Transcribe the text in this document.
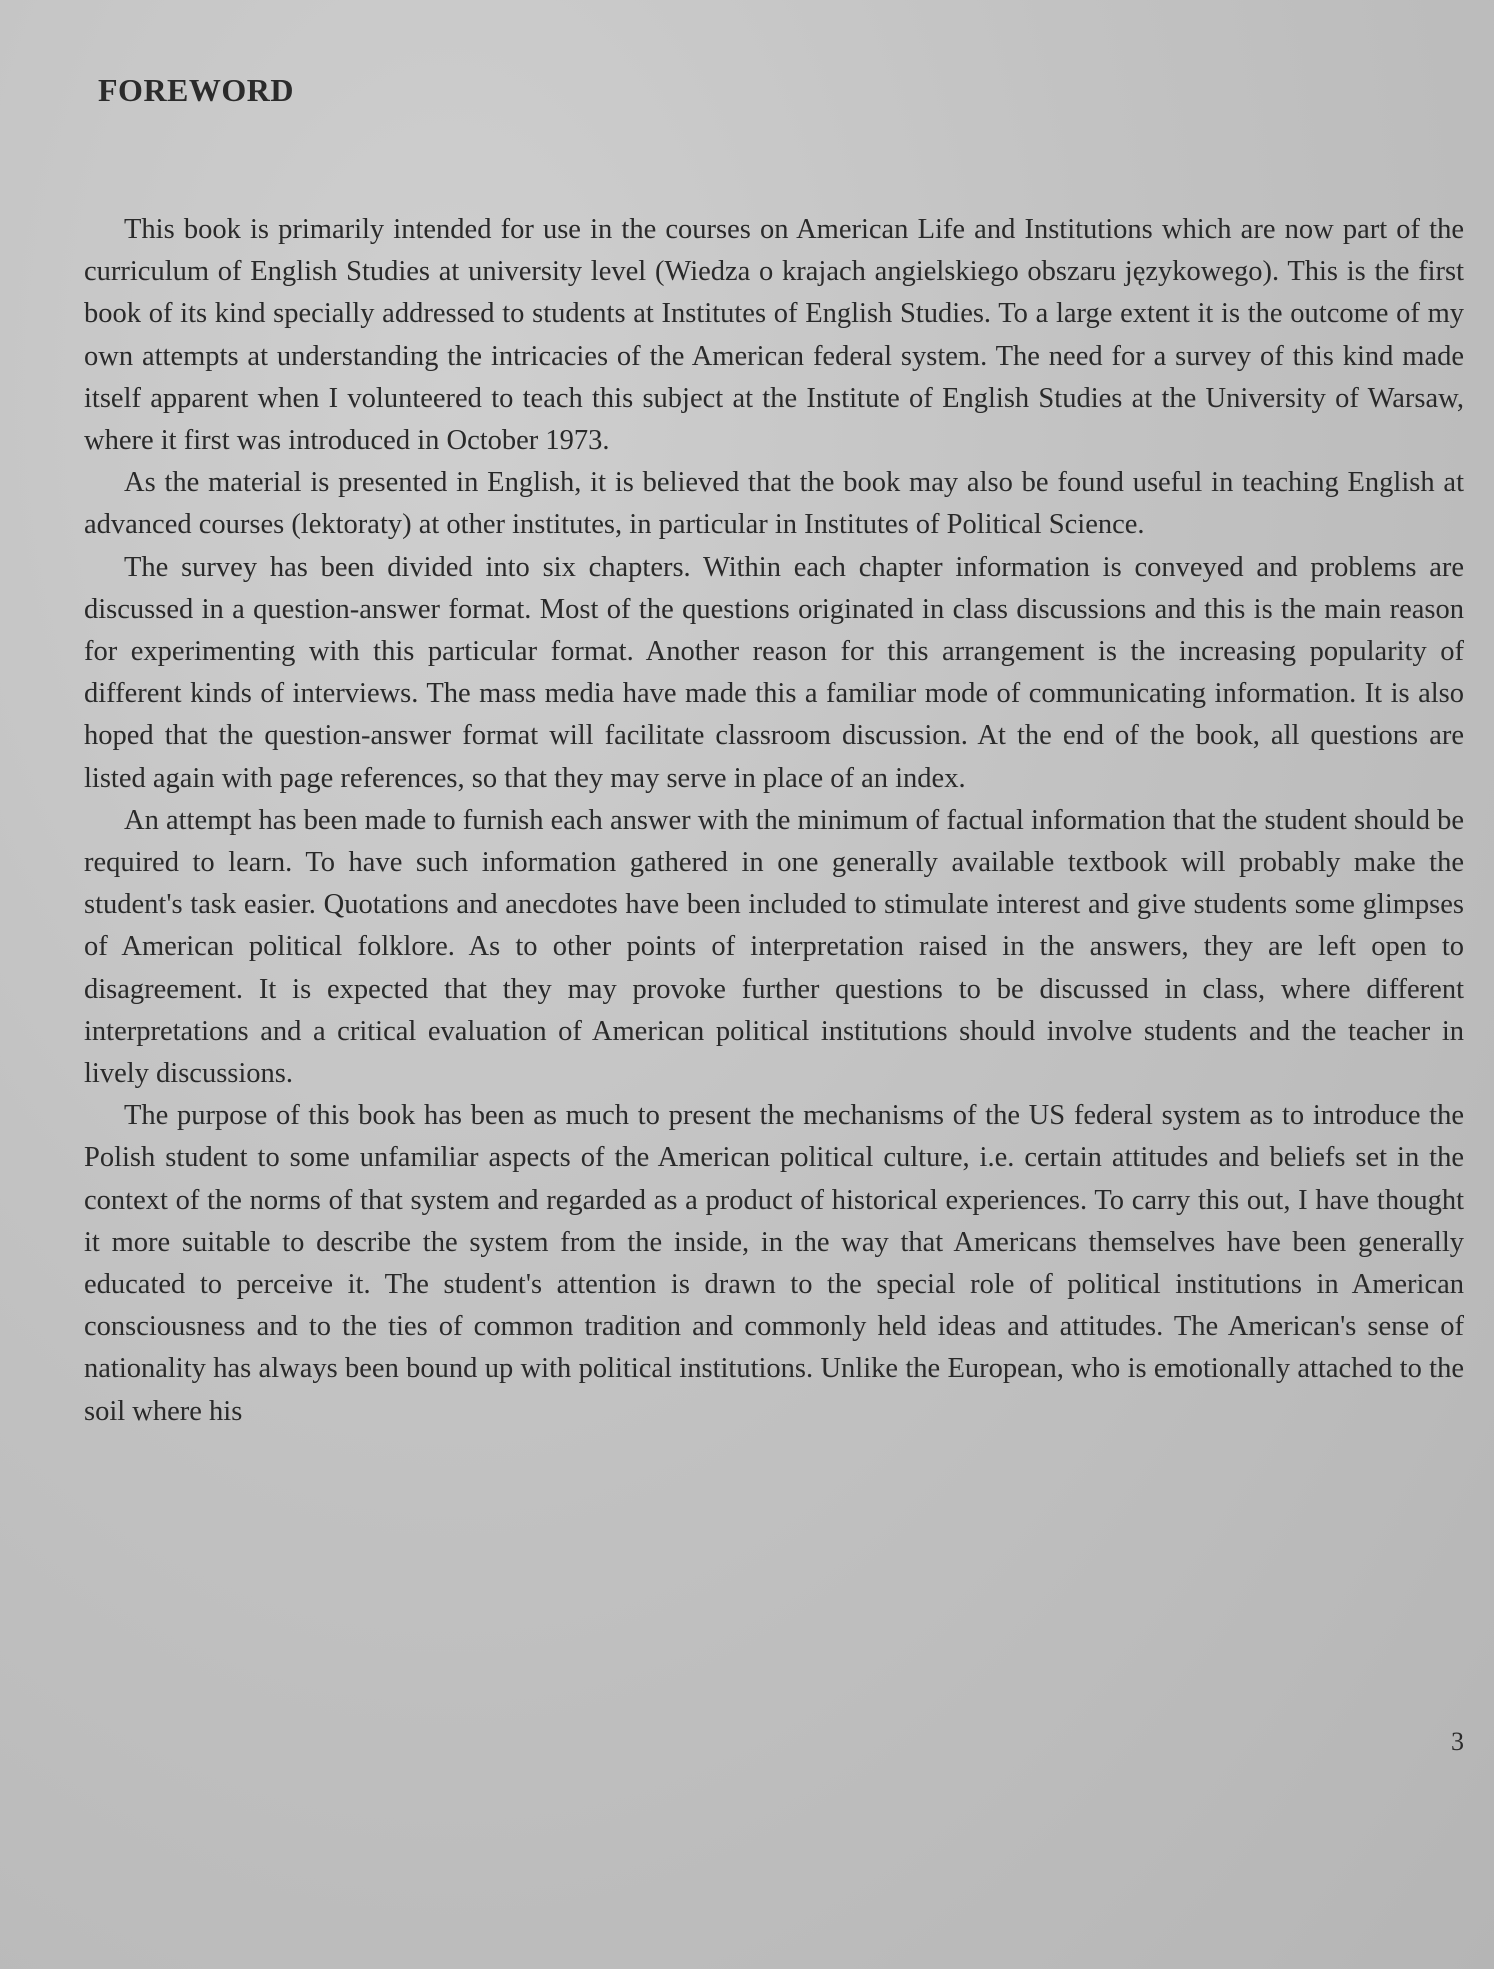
FOREWORD

This book is primarily intended for use in the courses on American Life and Institutions which are now part of the curriculum of English Studies at university level (Wiedza o krajach angielskiego obszaru językowego). This is the first book of its kind specially addressed to students at Institutes of English Studies. To a large extent it is the outcome of my own attempts at understanding the intricacies of the American federal system. The need for a survey of this kind made itself apparent when I volunteered to teach this subject at the Institute of English Studies at the University of Warsaw, where it first was introduced in October 1973.

As the material is presented in English, it is believed that the book may also be found useful in teaching English at advanced courses (lektoraty) at other institutes, in particular in Institutes of Political Science.

The survey has been divided into six chapters. Within each chapter information is conveyed and problems are discussed in a question-answer format. Most of the questions originated in class discussions and this is the main reason for experimenting with this particular format. Another reason for this arrangement is the increasing popularity of different kinds of interviews. The mass media have made this a familiar mode of communicating information. It is also hoped that the question-answer format will facilitate classroom discussion. At the end of the book, all questions are listed again with page references, so that they may serve in place of an index.

An attempt has been made to furnish each answer with the minimum of factual information that the student should be required to learn. To have such information gathered in one generally available textbook will probably make the student's task easier. Quotations and anecdotes have been included to stimulate interest and give students some glimpses of American political folklore. As to other points of interpretation raised in the answers, they are left open to disagreement. It is expected that they may provoke further questions to be discussed in class, where different interpretations and a critical evaluation of American political institutions should involve students and the teacher in lively discussions.

The purpose of this book has been as much to present the mechanisms of the US federal system as to introduce the Polish student to some unfamiliar aspects of the American political culture, i.e. certain attitudes and beliefs set in the context of the norms of that system and regarded as a product of historical experiences. To carry this out, I have thought it more suitable to describe the system from the inside, in the way that Americans themselves have been generally educated to perceive it. The student's attention is drawn to the special role of political institutions in American consciousness and to the ties of common tradition and commonly held ideas and attitudes. The American's sense of nationality has always been bound up with political institutions. Unlike the European, who is emotionally attached to the soil where his

3
